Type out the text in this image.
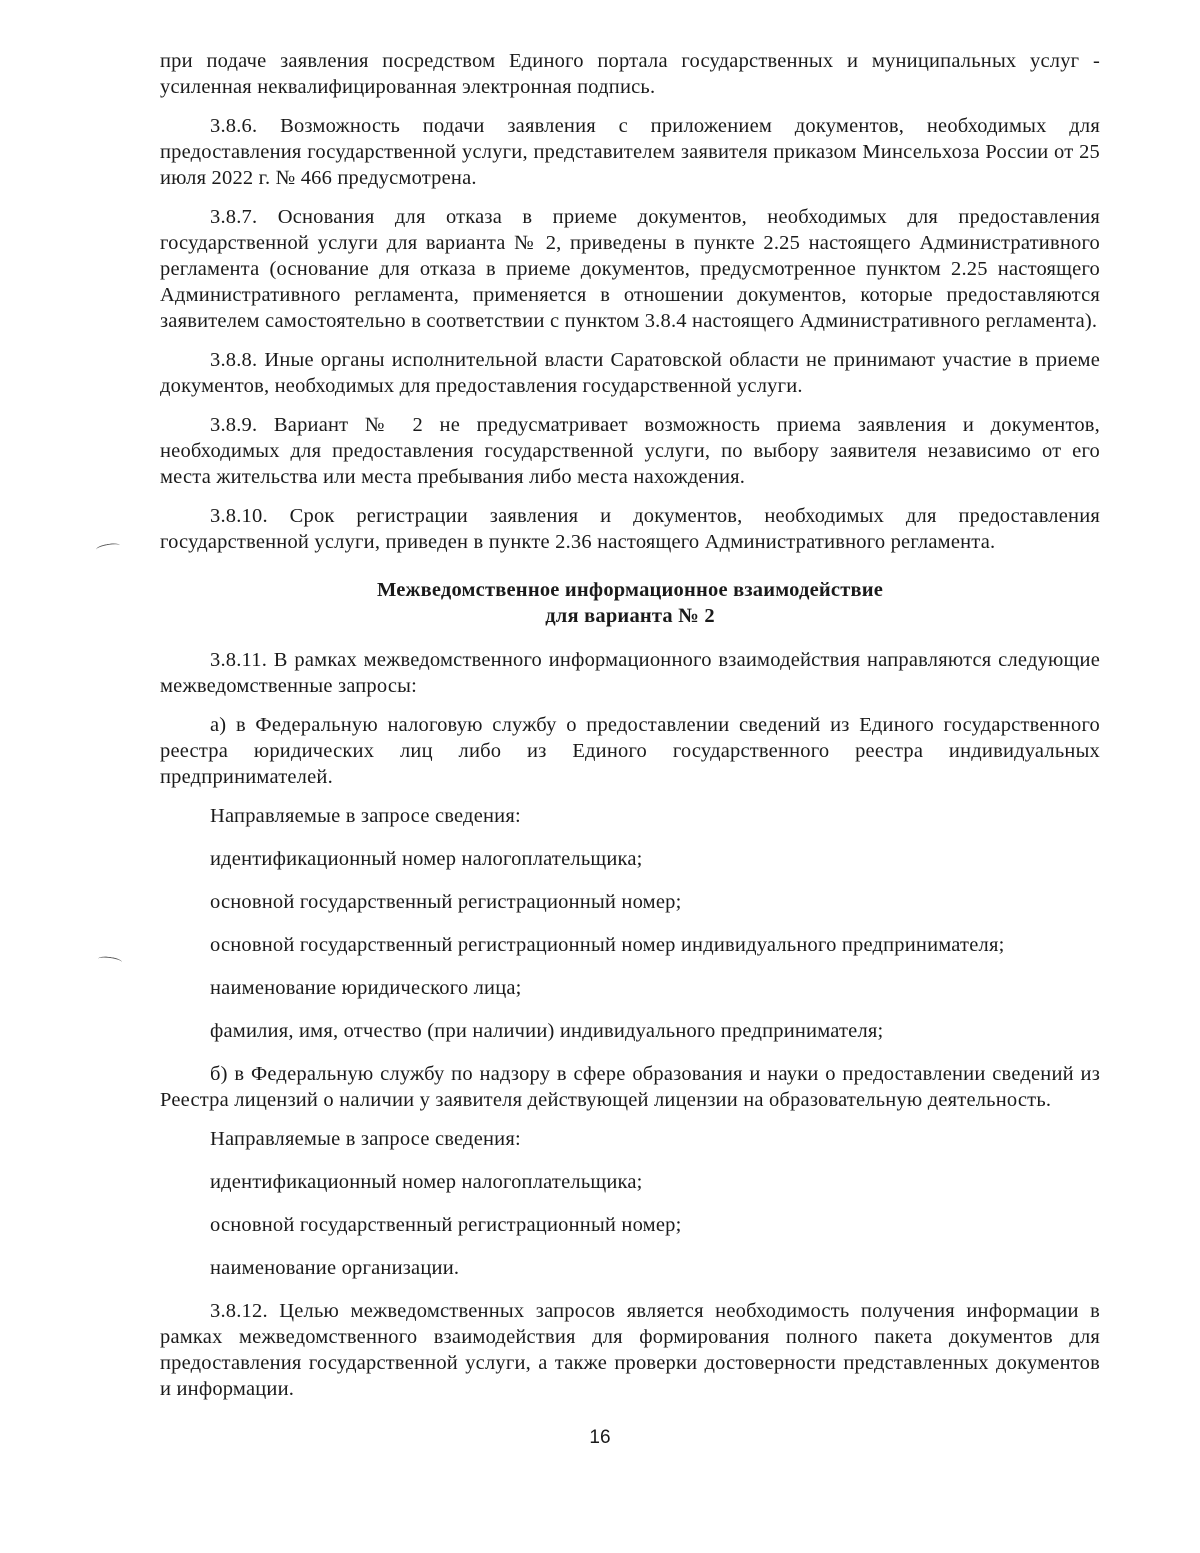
при подаче заявления посредством Единого портала государственных и муниципальных услуг - усиленная неквалифицированная электронная подпись.

3.8.6. Возможность подачи заявления с приложением документов, необходимых для предоставления государственной услуги, представителем заявителя приказом Минсельхоза России от 25 июля 2022 г. № 466 предусмотрена.

3.8.7. Основания для отказа в приеме документов, необходимых для предоставления государственной услуги для варианта № 2, приведены в пункте 2.25 настоящего Административного регламента (основание для отказа в приеме документов, предусмотренное пунктом 2.25 настоящего Административного регламента, применяется в отношении документов, которые предоставляются заявителем самостоятельно в соответствии с пунктом 3.8.4 настоящего Административного регламента).

3.8.8. Иные органы исполнительной власти Саратовской области не принимают участие в приеме документов, необходимых для предоставления государственной услуги.

3.8.9. Вариант № 2 не предусматривает возможность приема заявления и документов, необходимых для предоставления государственной услуги, по выбору заявителя независимо от его места жительства или места пребывания либо места нахождения.

3.8.10. Срок регистрации заявления и документов, необходимых для предоставления государственной услуги, приведен в пункте 2.36 настоящего Административного регламента.

Межведомственное информационное взаимодействие
для варианта № 2

3.8.11. В рамках межведомственного информационного взаимодействия направляются следующие межведомственные запросы:

а) в Федеральную налоговую службу о предоставлении сведений из Единого государственного реестра юридических лиц либо из Единого государственного реестра индивидуальных предпринимателей.

Направляемые в запросе сведения:

идентификационный номер налогоплательщика;

основной государственный регистрационный номер;

основной государственный регистрационный номер индивидуального предпринимателя;

наименование юридического лица;

фамилия, имя, отчество (при наличии) индивидуального предпринимателя;

б) в Федеральную службу по надзору в сфере образования и науки о предоставлении сведений из Реестра лицензий о наличии у заявителя действующей лицензии на образовательную деятельность.

Направляемые в запросе сведения:

идентификационный номер налогоплательщика;

основной государственный регистрационный номер;

наименование организации.

3.8.12. Целью межведомственных запросов является необходимость получения информации в рамках межведомственного взаимодействия для формирования полного пакета документов для предоставления государственной услуги, а также проверки достоверности представленных документов и информации.

16
